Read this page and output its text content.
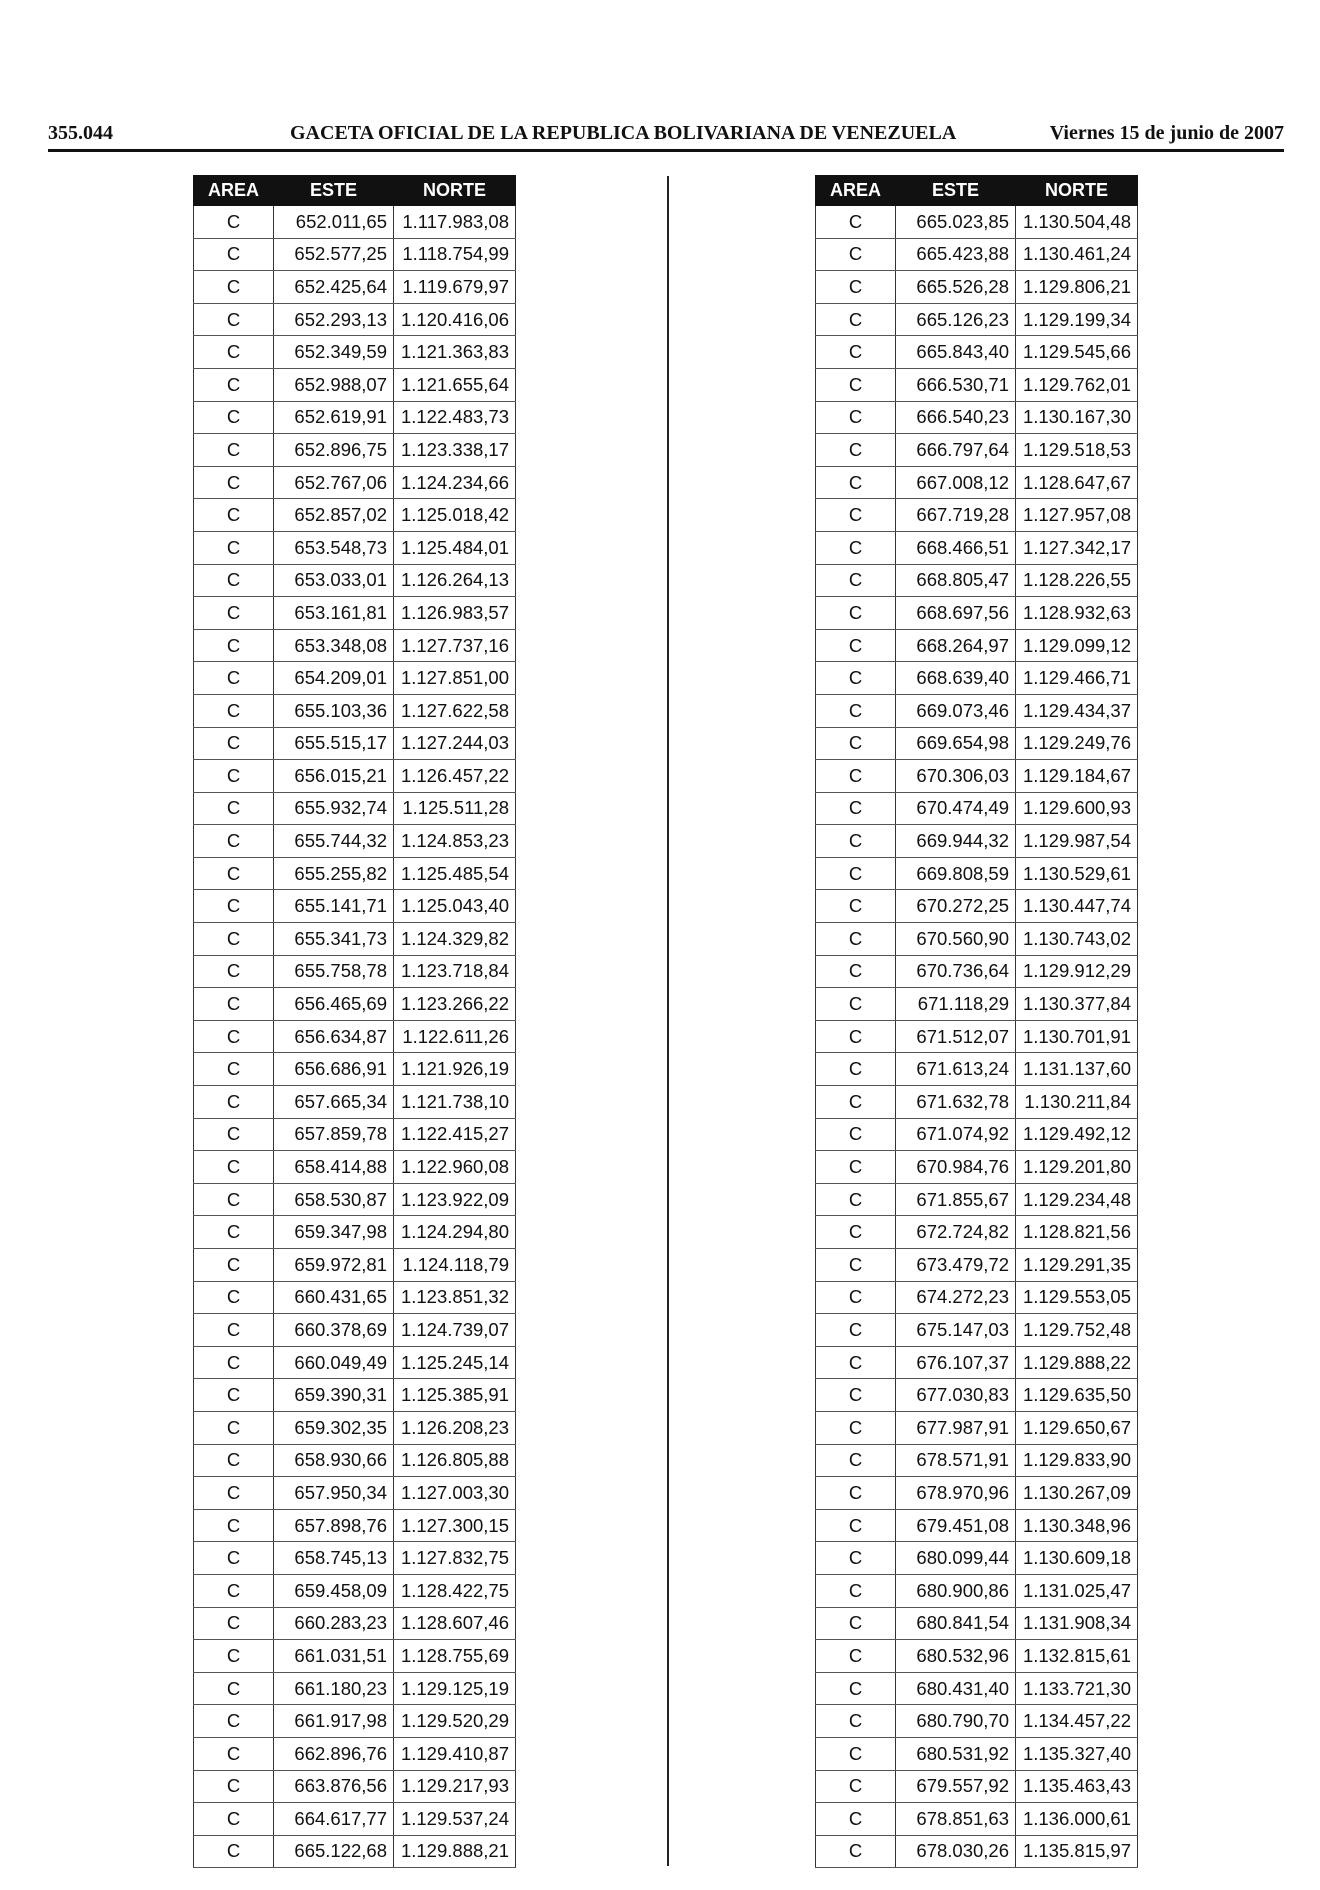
355.044	GACETA OFICIAL DE LA REPUBLICA BOLIVARIANA DE VENEZUELA	Viernes 15 de junio de 2007
AREA	ESTE	NORTE
C	652.011,65	1.117.983,08
C	652.577,25	1.118.754,99
C	652.425,64	1.119.679,97
C	652.293,13	1.120.416,06
C	652.349,59	1.121.363,83
C	652.988,07	1.121.655,64
C	652.619,91	1.122.483,73
C	652.896,75	1.123.338,17
C	652.767,06	1.124.234,66
C	652.857,02	1.125.018,42
C	653.548,73	1.125.484,01
C	653.033,01	1.126.264,13
C	653.161,81	1.126.983,57
C	653.348,08	1.127.737,16
C	654.209,01	1.127.851,00
C	655.103,36	1.127.622,58
C	655.515,17	1.127.244,03
C	656.015,21	1.126.457,22
C	655.932,74	1.125.511,28
C	655.744,32	1.124.853,23
C	655.255,82	1.125.485,54
C	655.141,71	1.125.043,40
C	655.341,73	1.124.329,82
C	655.758,78	1.123.718,84
C	656.465,69	1.123.266,22
C	656.634,87	1.122.611,26
C	656.686,91	1.121.926,19
C	657.665,34	1.121.738,10
C	657.859,78	1.122.415,27
C	658.414,88	1.122.960,08
C	658.530,87	1.123.922,09
C	659.347,98	1.124.294,80
C	659.972,81	1.124.118,79
C	660.431,65	1.123.851,32
C	660.378,69	1.124.739,07
C	660.049,49	1.125.245,14
C	659.390,31	1.125.385,91
C	659.302,35	1.126.208,23
C	658.930,66	1.126.805,88
C	657.950,34	1.127.003,30
C	657.898,76	1.127.300,15
C	658.745,13	1.127.832,75
C	659.458,09	1.128.422,75
C	660.283,23	1.128.607,46
C	661.031,51	1.128.755,69
C	661.180,23	1.129.125,19
C	661.917,98	1.129.520,29
C	662.896,76	1.129.410,87
C	663.876,56	1.129.217,93
C	664.617,77	1.129.537,24
C	665.122,68	1.129.888,21
AREA	ESTE	NORTE
C	665.023,85	1.130.504,48
C	665.423,88	1.130.461,24
C	665.526,28	1.129.806,21
C	665.126,23	1.129.199,34
C	665.843,40	1.129.545,66
C	666.530,71	1.129.762,01
C	666.540,23	1.130.167,30
C	666.797,64	1.129.518,53
C	667.008,12	1.128.647,67
C	667.719,28	1.127.957,08
C	668.466,51	1.127.342,17
C	668.805,47	1.128.226,55
C	668.697,56	1.128.932,63
C	668.264,97	1.129.099,12
C	668.639,40	1.129.466,71
C	669.073,46	1.129.434,37
C	669.654,98	1.129.249,76
C	670.306,03	1.129.184,67
C	670.474,49	1.129.600,93
C	669.944,32	1.129.987,54
C	669.808,59	1.130.529,61
C	670.272,25	1.130.447,74
C	670.560,90	1.130.743,02
C	670.736,64	1.129.912,29
C	671.118,29	1.130.377,84
C	671.512,07	1.130.701,91
C	671.613,24	1.131.137,60
C	671.632,78	1.130.211,84
C	671.074,92	1.129.492,12
C	670.984,76	1.129.201,80
C	671.855,67	1.129.234,48
C	672.724,82	1.128.821,56
C	673.479,72	1.129.291,35
C	674.272,23	1.129.553,05
C	675.147,03	1.129.752,48
C	676.107,37	1.129.888,22
C	677.030,83	1.129.635,50
C	677.987,91	1.129.650,67
C	678.571,91	1.129.833,90
C	678.970,96	1.130.267,09
C	679.451,08	1.130.348,96
C	680.099,44	1.130.609,18
C	680.900,86	1.131.025,47
C	680.841,54	1.131.908,34
C	680.532,96	1.132.815,61
C	680.431,40	1.133.721,30
C	680.790,70	1.134.457,22
C	680.531,92	1.135.327,40
C	679.557,92	1.135.463,43
C	678.851,63	1.136.000,61
C	678.030,26	1.135.815,97
